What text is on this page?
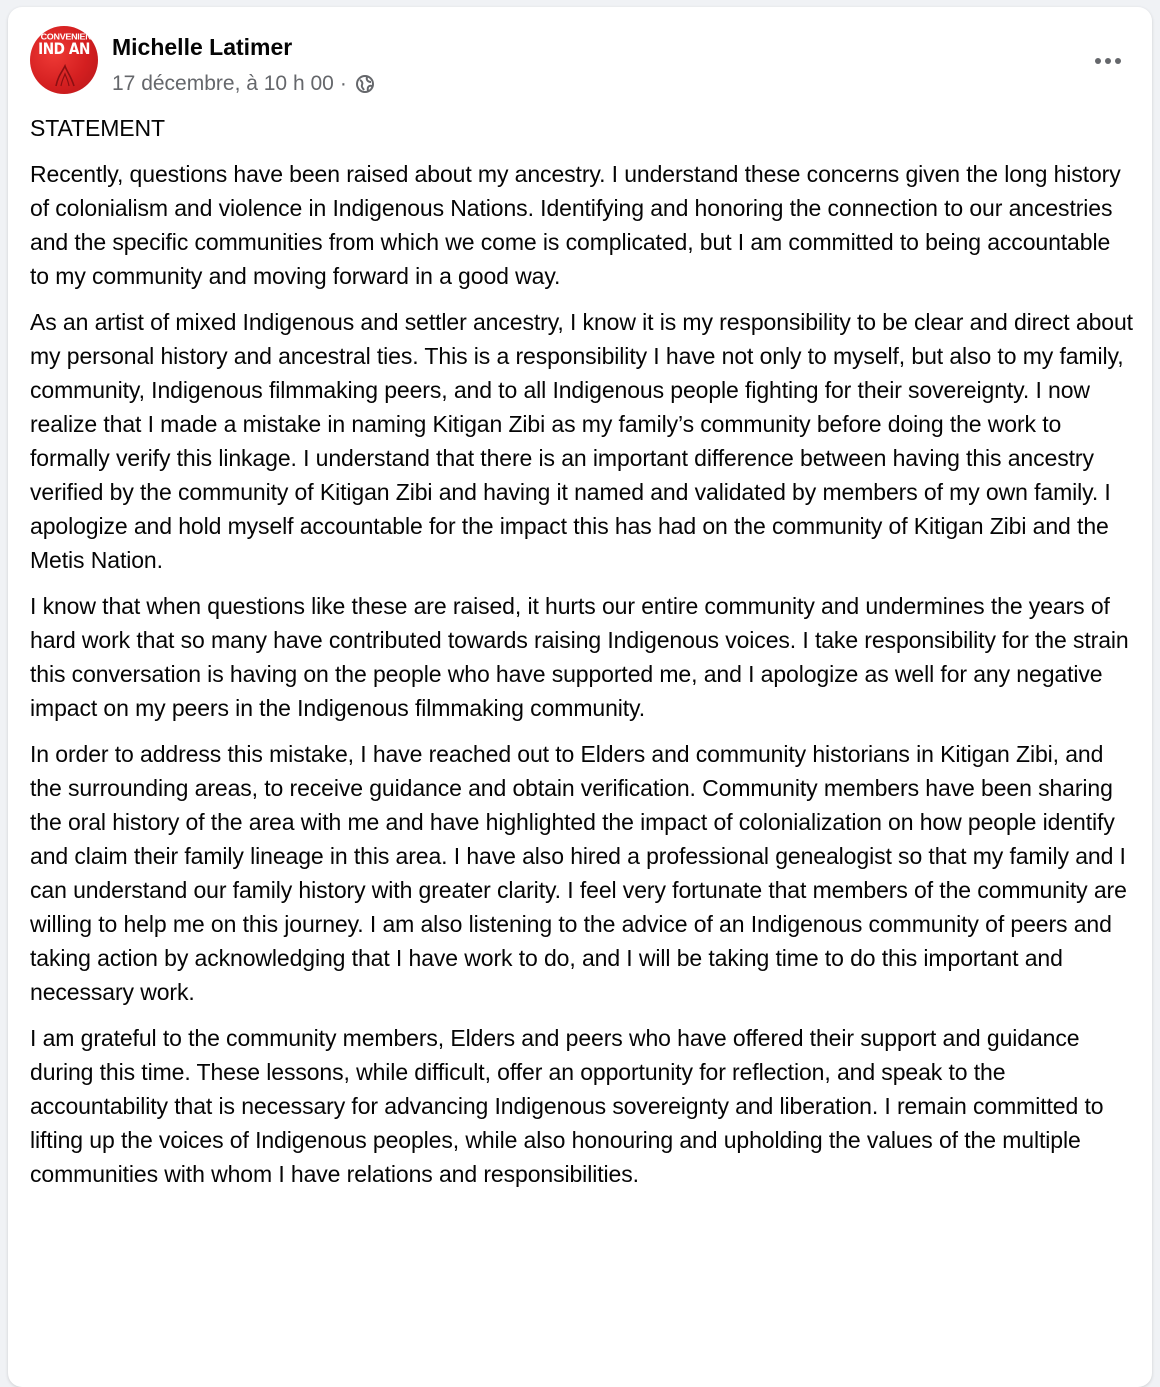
CONVENIEN
IND AN Michelle Latimer
17 décembre, à 10 h 00 ·

STATEMENT

Recently, questions have been raised about my ancestry. I understand these concerns given the long history of colonialism and violence in Indigenous Nations. Identifying and honoring the connection to our ancestries and the specific communities from which we come is complicated, but I am committed to being accountable to my community and moving forward in a good way.

As an artist of mixed Indigenous and settler ancestry, I know it is my responsibility to be clear and direct about my personal history and ancestral ties. This is a responsibility I have not only to myself, but also to my family, community, Indigenous filmmaking peers, and to all Indigenous people fighting for their sovereignty. I now realize that I made a mistake in naming Kitigan Zibi as my family’s community before doing the work to formally verify this linkage. I understand that there is an important difference between having this ancestry verified by the community of Kitigan Zibi and having it named and validated by members of my own family. I apologize and hold myself accountable for the impact this has had on the community of Kitigan Zibi and the Metis Nation.

I know that when questions like these are raised, it hurts our entire community and undermines the years of hard work that so many have contributed towards raising Indigenous voices. I take responsibility for the strain this conversation is having on the people who have supported me, and I apologize as well for any negative impact on my peers in the Indigenous filmmaking community.

In order to address this mistake, I have reached out to Elders and community historians in Kitigan Zibi, and the surrounding areas, to receive guidance and obtain verification. Community members have been sharing the oral history of the area with me and have highlighted the impact of colonialization on how people identify and claim their family lineage in this area. I have also hired a professional genealogist so that my family and I can understand our family history with greater clarity. I feel very fortunate that members of the community are willing to help me on this journey. I am also listening to the advice of an Indigenous community of peers and taking action by acknowledging that I have work to do, and I will be taking time to do this important and necessary work.

I am grateful to the community members, Elders and peers who have offered their support and guidance during this time. These lessons, while difficult, offer an opportunity for reflection, and speak to the accountability that is necessary for advancing Indigenous sovereignty and liberation. I remain committed to lifting up the voices of Indigenous peoples, while also honouring and upholding the values of the multiple communities with whom I have relations and responsibilities.
